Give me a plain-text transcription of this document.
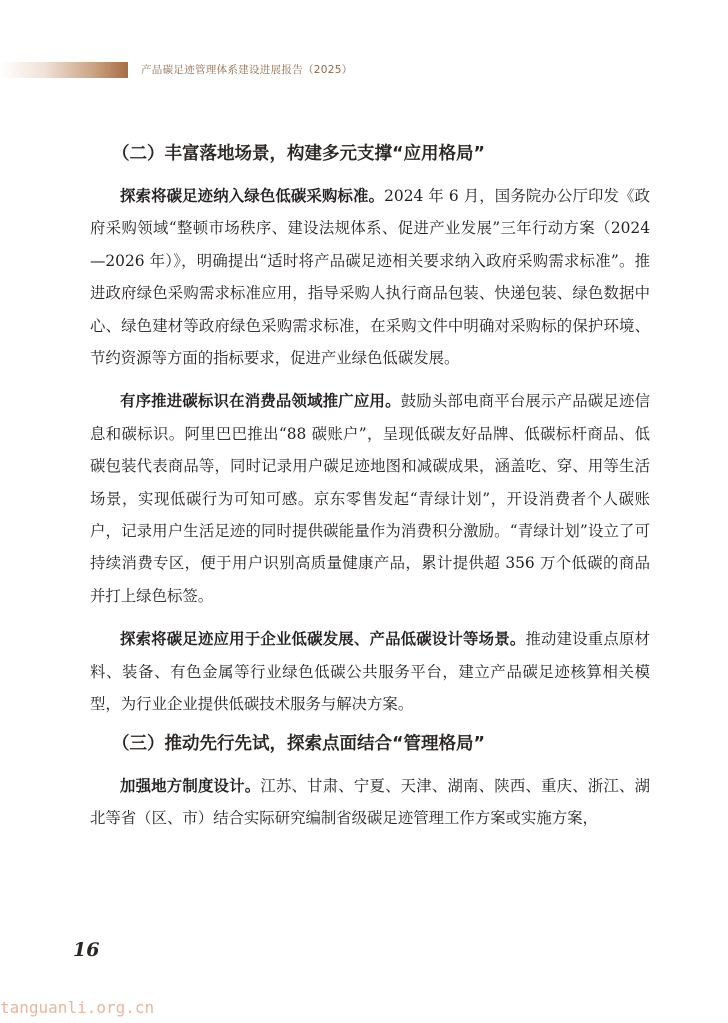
产品碳足迹管理体系建设进展报告（2025）
（二）丰富落地场景，构建多元支撑“应用格局”

探索将碳足迹纳入绿色低碳采购标准。2024 年 6 月，国务院办公厅印发《政府采购领域“整顿市场秩序、建设法规体系、促进产业发展”三年行动方案（2024—2026 年）》，明确提出“适时将产品碳足迹相关要求纳入政府采购需求标准”。推进政府绿色采购需求标准应用，指导采购人执行商品包装、快递包装、绿色数据中心、绿色建材等政府绿色采购需求标准，在采购文件中明确对采购标的保护环境、节约资源等方面的指标要求，促进产业绿色低碳发展。

有序推进碳标识在消费品领域推广应用。鼓励头部电商平台展示产品碳足迹信息和碳标识。阿里巴巴推出“88 碳账户”，呈现低碳友好品牌、低碳标杆商品、低碳包装代表商品等，同时记录用户碳足迹地图和减碳成果，涵盖吃、穿、用等生活场景，实现低碳行为可知可感。京东零售发起“青绿计划”，开设消费者个人碳账户，记录用户生活足迹的同时提供碳能量作为消费积分激励。“青绿计划”设立了可持续消费专区，便于用户识别高质量健康产品，累计提供超 356 万个低碳的商品并打上绿色标签。

探索将碳足迹应用于企业低碳发展、产品低碳设计等场景。推动建设重点原材料、装备、有色金属等行业绿色低碳公共服务平台，建立产品碳足迹核算相关模型，为行业企业提供低碳技术服务与解决方案。

（三）推动先行先试，探索点面结合“管理格局”

加强地方制度设计。江苏、甘肃、宁夏、天津、湖南、陕西、重庆、浙江、湖北等省（区、市）结合实际研究编制省级碳足迹管理工作方案或实施方案，

16
tanguanli.org.cn
